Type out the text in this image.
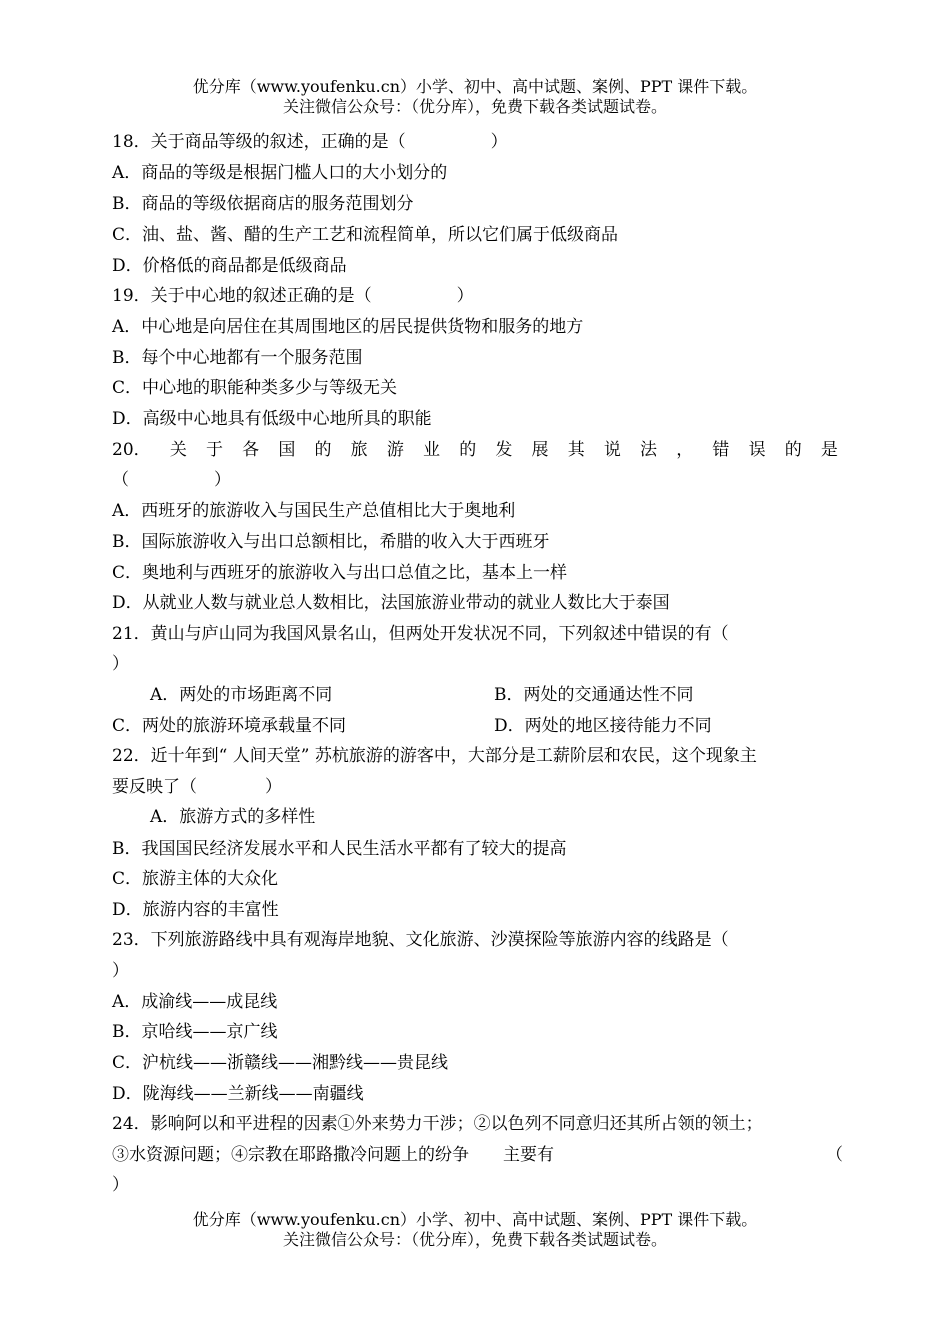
优分库（www.youfenku.cn）小学、初中、高中试题、案例、PPT 课件下载。
关注微信公众号：（优分库），免费下载各类试题试卷。
18．关于商品等级的叙述，正确的是（　　　　　）
A．商品的等级是根据门槛人口的大小划分的
B．商品的等级依据商店的服务范围划分
C．油、盐、酱、醋的生产工艺和流程简单，所以它们属于低级商品
D．价格低的商品都是低级商品
19．关于中心地的叙述正确的是（　　　　　）
A．中心地是向居住在其周围地区的居民提供货物和服务的地方
B．每个中心地都有一个服务范围
C．中心地的职能种类多少与等级无关
D．高级中心地具有低级中心地所具的职能
20． 关 于 各 国 的 旅 游 业 的 发 展 其 说 法 ， 错 误 的 是
（　　　　　）
A．西班牙的旅游收入与国民生产总值相比大于奥地利
B．国际旅游收入与出口总额相比，希腊的收入大于西班牙
C．奥地利与西班牙的旅游收入与出口总值之比，基本上一样
D．从就业人数与就业总人数相比，法国旅游业带动的就业人数比大于泰国
21．黄山与庐山同为我国风景名山，但两处开发状况不同，下列叙述中错误的有（
）
A．两处的市场距离不同	B．两处的交通通达性不同
C．两处的旅游环境承载量不同	D．两处的地区接待能力不同
22．近十年到“ 人间天堂” 苏杭旅游的游客中，大部分是工薪阶层和农民，这个现象主
要反映了（　　　　）
A．旅游方式的多样性
B．我国国民经济发展水平和人民生活水平都有了较大的提高
C．旅游主体的大众化
D．旅游内容的丰富性
23．下列旅游路线中具有观海岸地貌、文化旅游、沙漠探险等旅游内容的线路是（
）
A．成渝线——成昆线
B．京哈线——京广线
C．沪杭线——浙赣线——湘黔线——贵昆线
D．陇海线——兰新线——南疆线
24．影响阿以和平进程的因素①外来势力干涉；②以色列不同意归还其所占领的领土；
③水资源问题；④宗教在耶路撒冷问题上的纷争　　主要有	（
）
优分库（www.youfenku.cn）小学、初中、高中试题、案例、PPT 课件下载。
关注微信公众号：（优分库），免费下载各类试题试卷。
